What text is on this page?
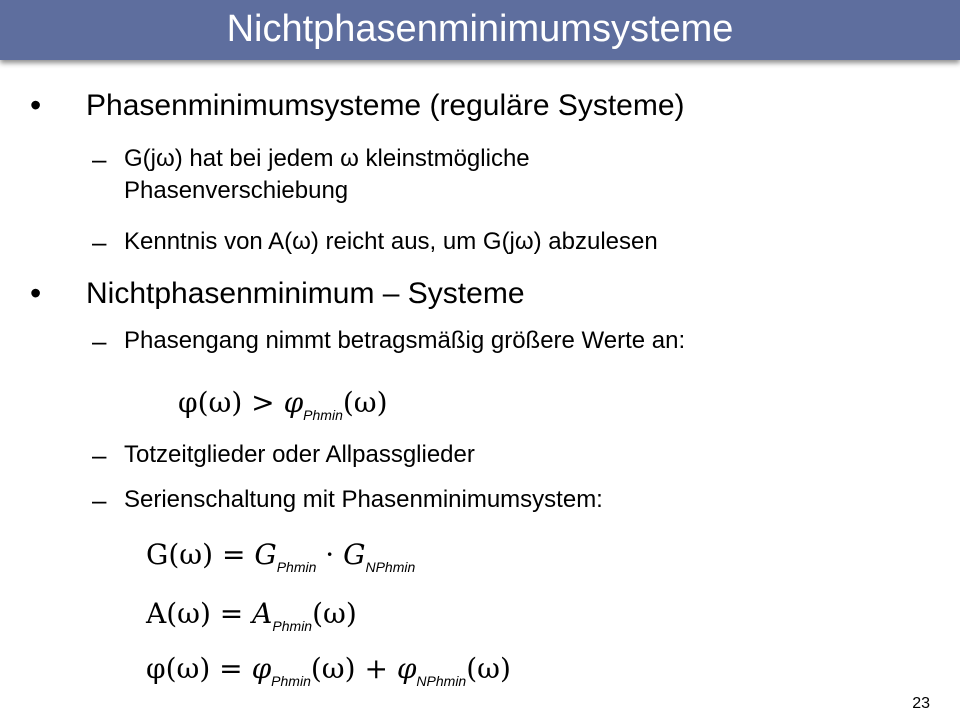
Nichtphasenminimumsysteme
• Phasenminimumsysteme (reguläre Systeme)
– G(jω) hat bei jedem ω kleinstmögliche
Phasenverschiebung
– Kenntnis von A(ω) reicht aus, um G(jω) abzulesen
• Nichtphasenminimum – Systeme
– Phasengang nimmt betragsmäßig größere Werte an:
$\varphi(\omega) > \varphi_{Phmin}(\omega)$
– Totzeitglieder oder Allpassglieder
– Serienschaltung mit Phasenminimumsystem:
$G(\omega) = G_{Phmin} \cdot G_{NPhmin}$
$A(\omega) = A_{Phmin}(\omega)$
$\varphi(\omega) = \varphi_{Phmin}(\omega) + \varphi_{NPhmin}(\omega)$
23
